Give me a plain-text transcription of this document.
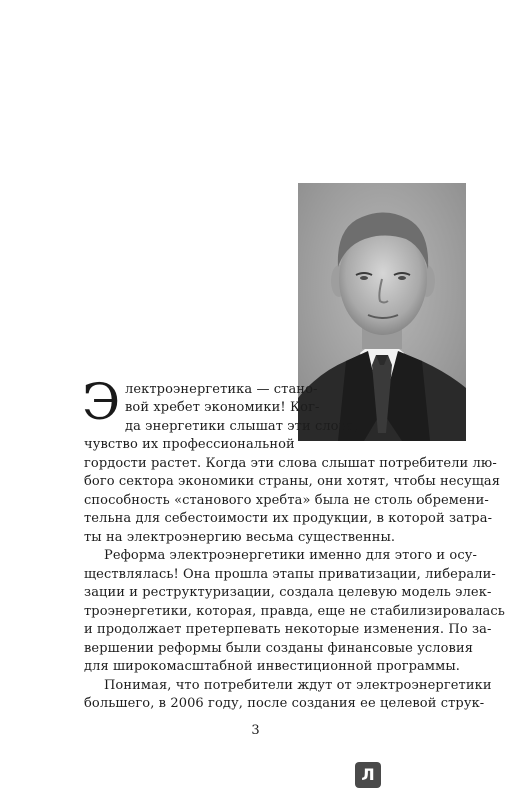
Э лектроэнергетика — стано-
вой хребет экономики! Ког-
да энергетики слышат эти слова,
чувство их профессиональной
гордости растет. Когда эти слова слышат потребители лю-
бого сектора экономики страны, они хотят, чтобы несущая
способность «станового хребта» была не столь обремени-
тельна для себестоимости их продукции, в которой затра-
ты на электроэнергию весьма существенны.
Реформа электроэнергетики именно для этого и осу-
ществлялась! Она прошла этапы приватизации, либерали-
зации и реструктуризации, создала целевую модель элек-
троэнергетики, которая, правда, еще не стабилизировалась
и продолжает претерпевать некоторые изменения. По за-
вершении реформы были созданы финансовые условия
для широкомасштабной инвестиционной программы.
Понимая, что потребители ждут от электроэнергетики
большего, в 2006 году, после создания ее целевой струк-
3
Л
